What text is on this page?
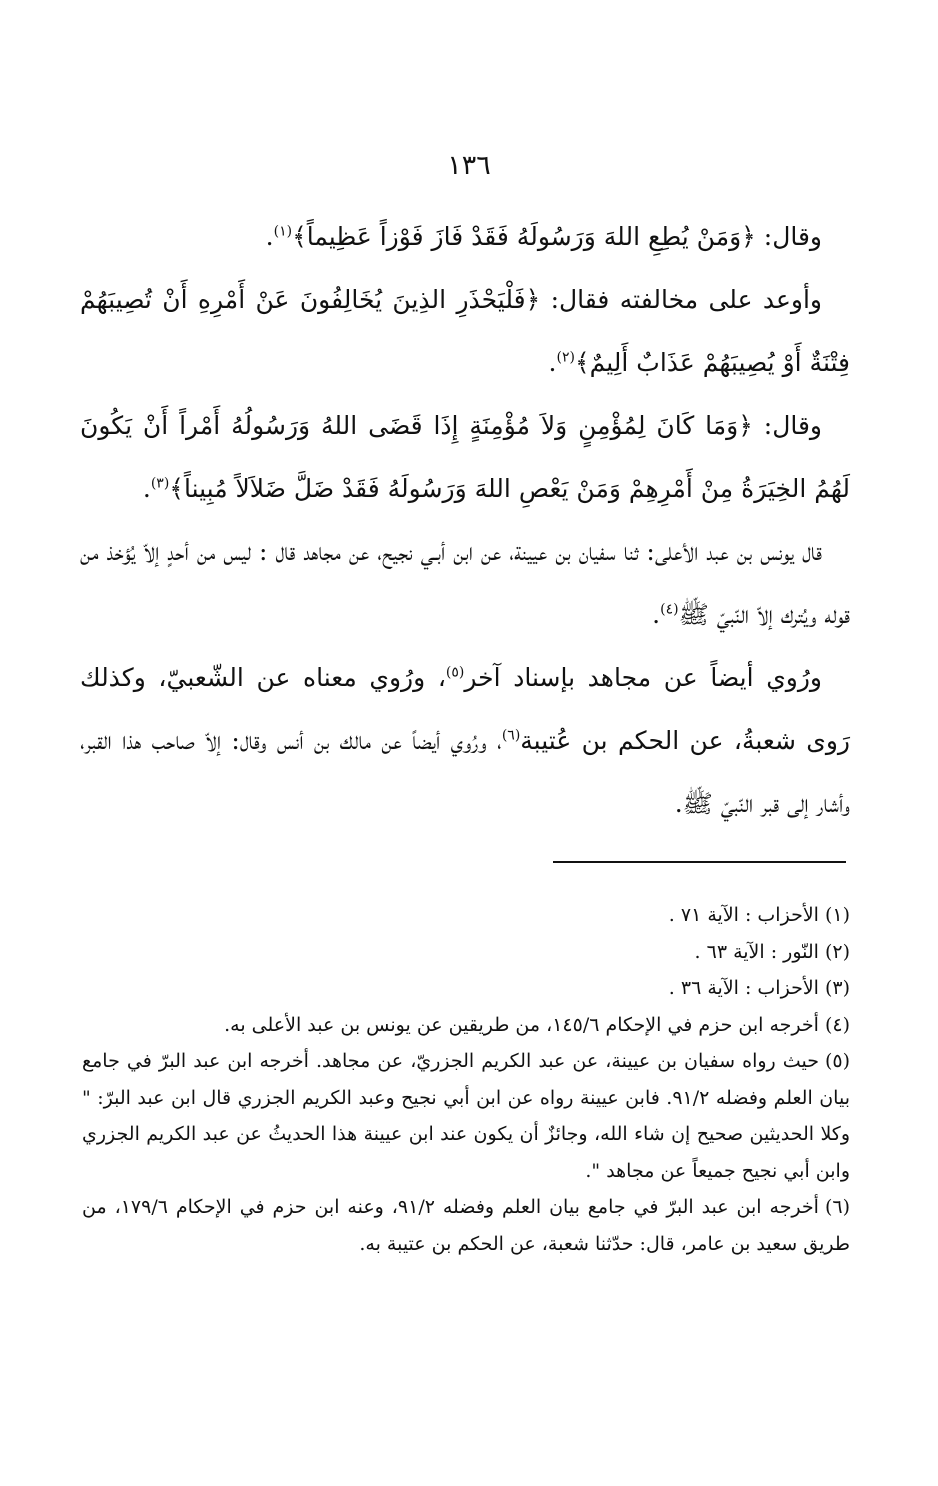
١٣٦

وقال: ﴿وَمَنْ يُطِعِ اللهَ وَرَسُولَهُ فَقَدْ فَازَ فَوْزاً عَظِيماً﴾$^{(١)}$.

وأوعد على مخالفته فقال: ﴿فَلْيَحْذَرِ الذِينَ يُخَالِفُونَ عَنْ أَمْرِهِ أَنْ تُصِيبَهُمْ فِتْنَةٌ أَوْ يُصِيبَهُمْ عَذَابٌ أَلِيمٌ﴾$^{(٢)}$.

وقال: ﴿وَمَا كَانَ لِمُؤْمِنٍ وَلاَ مُؤْمِنَةٍ إِذَا قَضَى اللهُ وَرَسُولُهُ أَمْراً أَنْ يَكُونَ لَهُمُ الخِيَرَةُ مِنْ أَمْرِهِمْ وَمَنْ يَعْصِ اللهَ وَرَسُولَهُ فَقَدْ ضَلَّ ضَلاَلاً مُبِيناً﴾$^{(٣)}$.

قال يونس بن عبد الأعلى: ثنا سفيان بن عيينة، عن ابن أبـي نجيح، عن مجاهد قال : ليس من أحدٍ إلاّ يُؤخذ من قوله ويُترك إلاّ النّبيّ ﷺ$^{(٤)}$.

ورُوي أيضاً عن مجاهد بإسناد آخر$^{(٥)}$، ورُوي معناه عن الشّعبيّ، وكذلك رَوى شعبةُ، عن الحكم بن عُتيبة$^{(٦)}$، ورُوي أيضاً عن مالك بن أنس وقال: إلاّ صاحب هذا القبر، وأشار إلى قبر النّبيّ ﷺ.

(١)الأحزاب : الآية ٧١ .

(٢)النّور : الآية ٦٣ .

(٣)الأحزاب : الآية ٣٦ .

(٤)أخرجه ابن حزم في الإحكام ١٤٥/٦، من طريقين عن يونس بن عبد الأعلى به.

(٥)حيث رواه سفيان بن عيينة، عن عبد الكريم الجزريّ، عن مجاهد. أخرجه ابن عبد البرّ في جامع بيان العلم وفضله ٩١/٢. فابن عيينة رواه عن ابن أبي نجيح وعبد الكريم الجزري قال ابن عبد البرّ: " وكلا الحديثين صحيح إن شاء الله، وجائزٌ أن يكون عند ابن عيينة هذا الحديثُ عن عبد الكريم الجزري وابن أبي نجيح جميعاً عن مجاهد ".

(٦)أخرجه ابن عبد البرّ في جامع بيان العلم وفضله ٩١/٢، وعنه ابن حزم في الإحكام ١٧٩/٦، من طريق سعيد بن عامر، قال: حدّثنا شعبة، عن الحكم بن عتيبة به.
